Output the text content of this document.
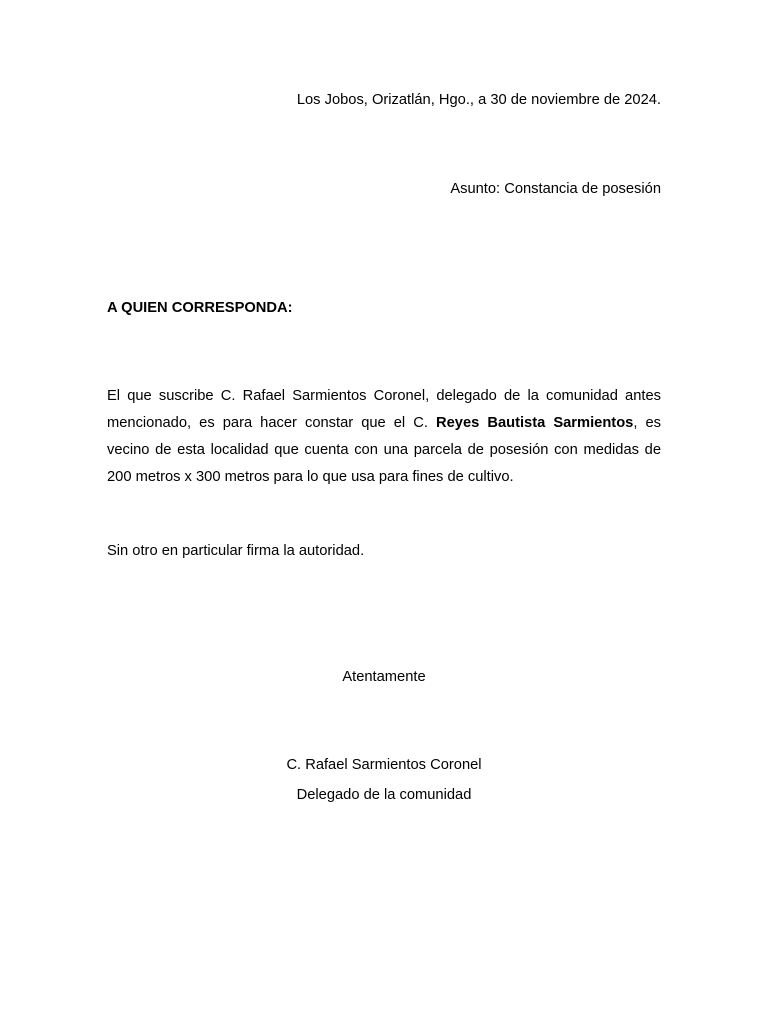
Los Jobos, Orizatlán, Hgo., a 30 de noviembre de 2024.
Asunto: Constancia de posesión
A QUIEN CORRESPONDA:

El que suscribe C. Rafael Sarmientos Coronel, delegado de la comunidad antes mencionado, es para hacer constar que el C. Reyes Bautista Sarmientos, es vecino de esta localidad que cuenta con una parcela de posesión con medidas de 200 metros x 300 metros para lo que usa para fines de cultivo.

Sin otro en particular firma la autoridad.
Atentamente
C. Rafael Sarmientos Coronel
Delegado de la comunidad
